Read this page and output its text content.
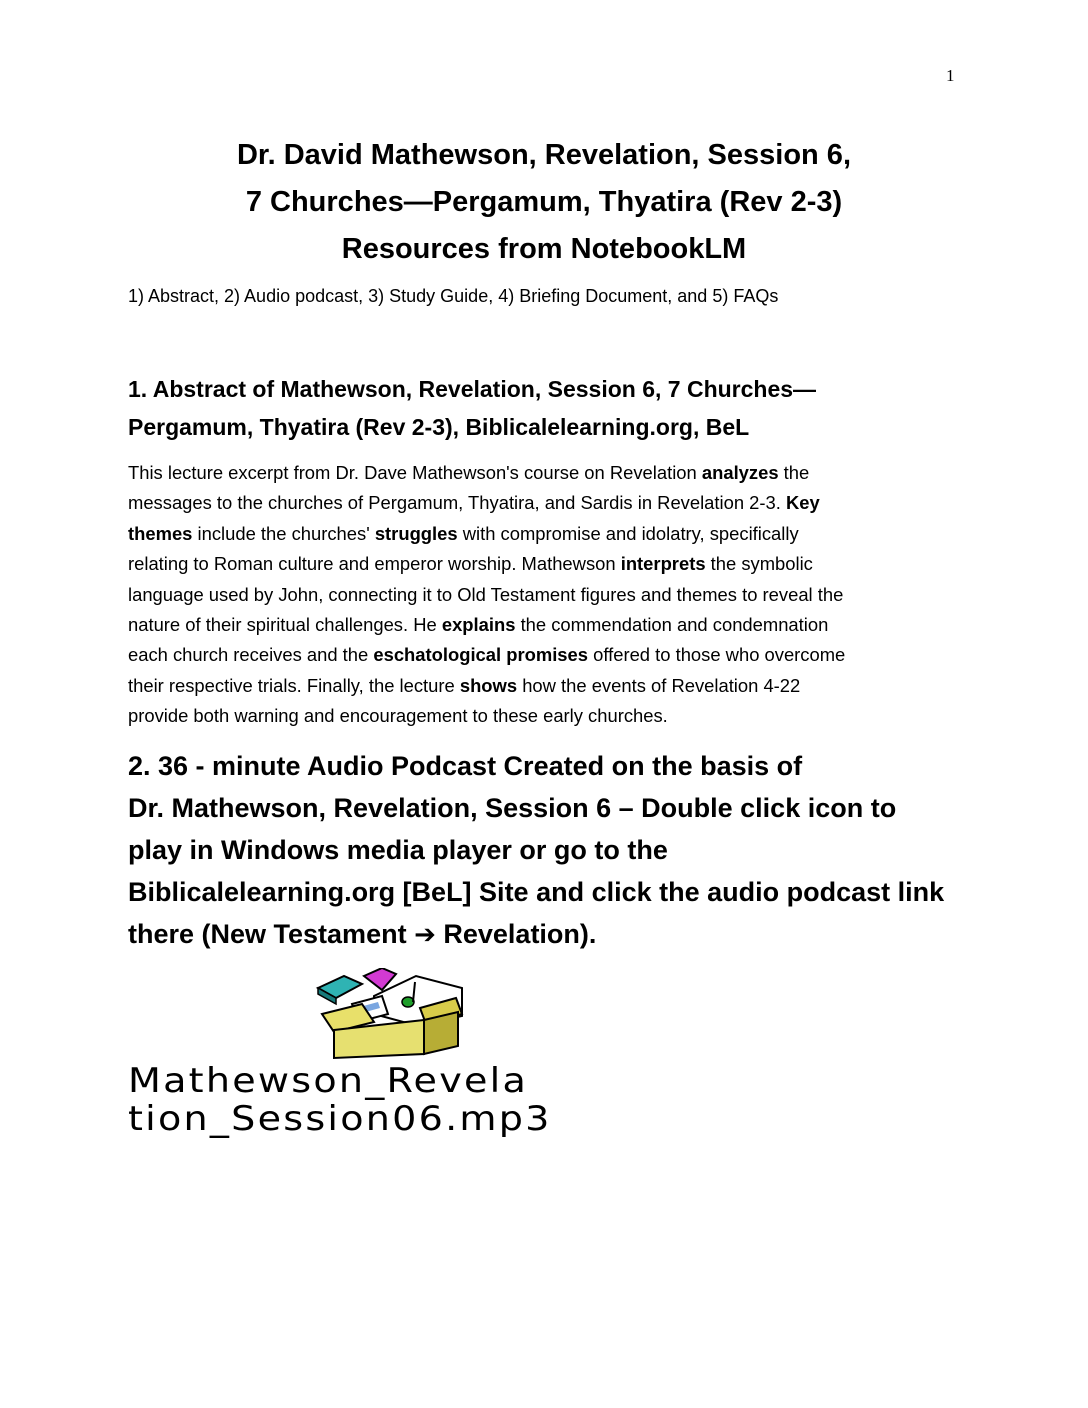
1
Dr. David Mathewson, Revelation, Session 6,
7 Churches—Pergamum, Thyatira (Rev 2-3)
Resources from NotebookLM
1) Abstract, 2) Audio podcast, 3) Study Guide, 4) Briefing Document, and 5) FAQs
1. Abstract of Mathewson, Revelation, Session 6, 7 Churches—
Pergamum, Thyatira (Rev 2-3), Biblicalelearning.org, BeL
This lecture excerpt from Dr. Dave Mathewson's course on Revelation analyzes the
messages to the churches of Pergamum, Thyatira, and Sardis in Revelation 2-3. Key
themes include the churches' struggles with compromise and idolatry, specifically
relating to Roman culture and emperor worship. Mathewson interprets the symbolic
language used by John, connecting it to Old Testament figures and themes to reveal the
nature of their spiritual challenges. He explains the commendation and condemnation
each church receives and the eschatological promises offered to those who overcome
their respective trials. Finally, the lecture shows how the events of Revelation 4-22
provide both warning and encouragement to these early churches.
2. 36 - minute Audio Podcast Created on the basis of
Dr. Mathewson, Revelation, Session 6 – Double click icon to
play in Windows media player or go to the
Biblicalelearning.org [BeL] Site and click the audio podcast link
there (New Testament ➔ Revelation).
Mathewson_Revela
tion_Session06.mp3
